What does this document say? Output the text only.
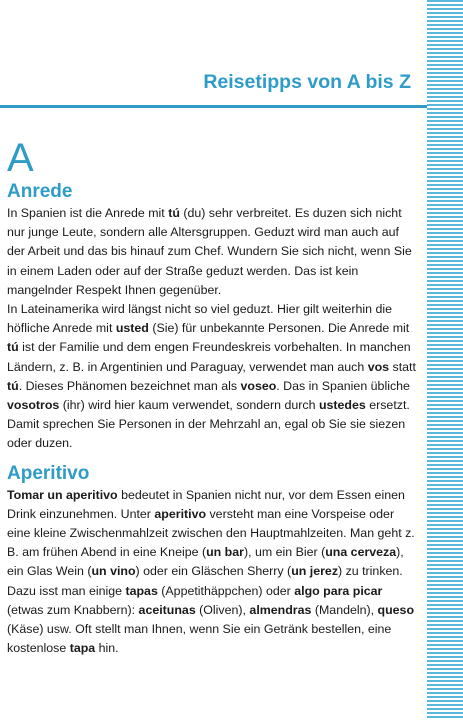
Reisetipps von A bis Z
A
Anrede

In Spanien ist die Anrede mit tú (du) sehr verbreitet. Es duzen sich nicht nur junge Leute, sondern alle Altersgruppen. Geduzt wird man auch auf der Arbeit und das bis hinauf zum Chef. Wundern Sie sich nicht, wenn Sie in einem Laden oder auf der Straße geduzt werden. Das ist kein mangelnder Respekt Ihnen gegenüber.

In Lateinamerika wird längst nicht so viel geduzt. Hier gilt weiterhin die höfliche Anrede mit usted (Sie) für unbekannte Personen. Die Anrede mit tú ist der Familie und dem engen Freundeskreis vorbehalten. In manchen Ländern, z. B. in Argentinien und Paraguay, verwendet man auch vos statt tú. Dieses Phänomen bezeichnet man als voseo. Das in Spanien übliche vosotros (ihr) wird hier kaum verwendet, sondern durch ustedes ersetzt. Damit sprechen Sie Personen in der Mehrzahl an, egal ob Sie sie siezen oder duzen.

Aperitivo

Tomar un aperitivo bedeutet in Spanien nicht nur, vor dem Essen einen Drink einzunehmen. Unter aperitivo versteht man eine Vorspeise oder eine kleine Zwischenmahlzeit zwischen den Hauptmahlzeiten. Man geht z. B. am frühen Abend in eine Kneipe (un bar), um ein Bier (una cerveza), ein Glas Wein (un vino) oder ein Gläschen Sherry (un jerez) zu trinken. Dazu isst man einige tapas (Appetithäppchen) oder algo para picar (etwas zum Knabbern): aceitunas (Oliven), almendras (Mandeln), queso (Käse) usw. Oft stellt man Ihnen, wenn Sie ein Getränk bestellen, eine kostenlose tapa hin.
